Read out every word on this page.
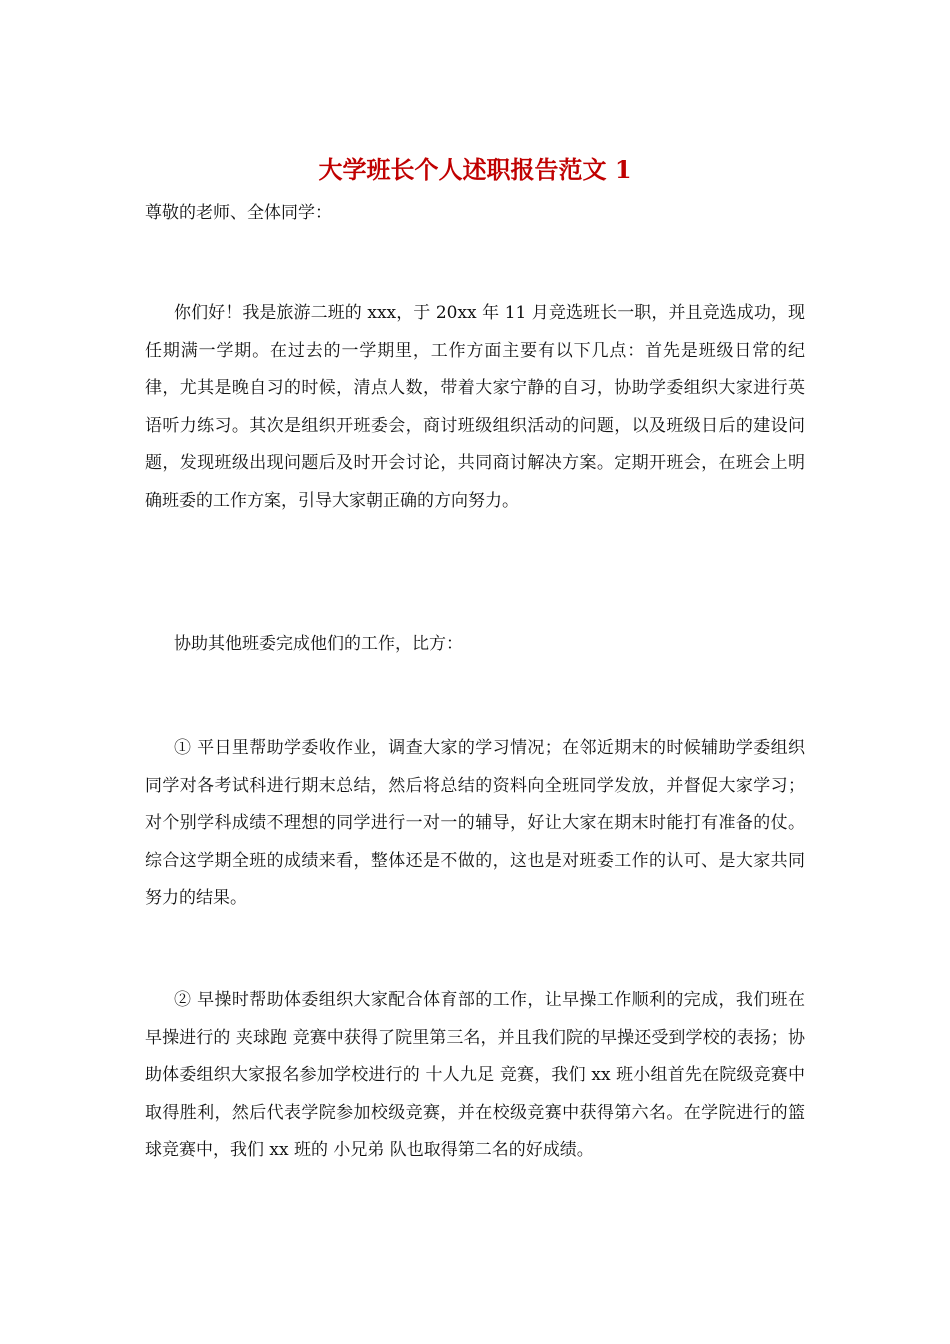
大学班长个人述职报告范文 1
尊敬的老师、全体同学：

你们好！我是旅游二班的 xxx，于 20xx 年 11 月竞选班长一职，并且竞选成功，现任期满一学期。在过去的一学期里，工作方面主要有以下几点：首先是班级日常的纪律，尤其是晚自习的时候，清点人数，带着大家宁静的自习，协助学委组织大家进行英语听力练习。其次是组织开班委会，商讨班级组织活动的问题，以及班级日后的建设问题，发现班级出现问题后及时开会讨论，共同商讨解决方案。定期开班会，在班会上明确班委的工作方案，引导大家朝正确的方向努力。

协助其他班委完成他们的工作，比方：

① 平日里帮助学委收作业，调查大家的学习情况；在邻近期末的时候辅助学委组织同学对各考试科进行期末总结，然后将总结的资料向全班同学发放，并督促大家学习；对个别学科成绩不理想的同学进行一对一的辅导，好让大家在期末时能打有准备的仗。综合这学期全班的成绩来看，整体还是不做的，这也是对班委工作的认可、是大家共同努力的结果。

② 早操时帮助体委组织大家配合体育部的工作，让早操工作顺利的完成，我们班在早操进行的 夹球跑 竞赛中获得了院里第三名，并且我们院的早操还受到学校的表扬；协助体委组织大家报名参加学校进行的 十人九足 竞赛，我们 xx 班小组首先在院级竞赛中取得胜利，然后代表学院参加校级竞赛，并在校级竞赛中获得第六名。在学院进行的篮球竞赛中，我们 xx 班的 小兄弟 队也取得第二名的好成绩。
